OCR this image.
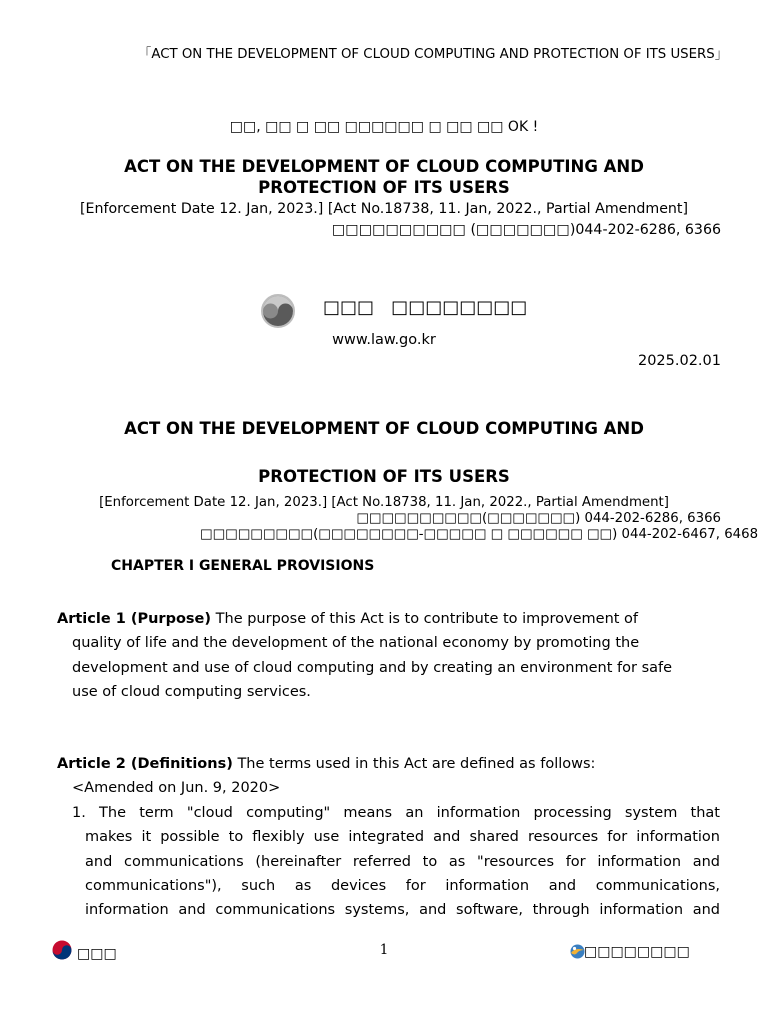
「ACT ON THE DEVELOPMENT OF CLOUD COMPUTING AND PROTECTION OF ITS USERS」
□□, □□ □ □□ □□□□□□ □ □□ □□ OK !
ACT ON THE DEVELOPMENT OF CLOUD COMPUTING AND
PROTECTION OF ITS USERS
[Enforcement Date 12. Jan, 2023.] [Act No.18738, 11. Jan, 2022., Partial Amendment]
□□□□□□□□□□ (□□□□□□□)044-202-6286, 6366
□□□   □□□□□□□□
www.law.go.kr
2025.02.01
ACT ON THE DEVELOPMENT OF CLOUD COMPUTING AND
PROTECTION OF ITS USERS
[Enforcement Date 12. Jan, 2023.] [Act No.18738, 11. Jan, 2022., Partial Amendment]
□□□□□□□□□□(□□□□□□□) 044-202-6286, 6366
□□□□□□□□□(□□□□□□□□-□□□□□ □ □□□□□□ □□) 044-202-6467, 6468
CHAPTER I GENERAL PROVISIONS
Article 1 (Purpose) The purpose of this Act is to contribute to improvement of
quality of life and the development of the national economy by promoting the
development and use of cloud computing and by creating an environment for safe
use of cloud computing services.
Article 2 (Definitions) The terms used in this Act are defined as follows:
<Amended on Jun. 9, 2020>
1. The term "cloud computing" means an information processing system that
makes it possible to flexibly use integrated and shared resources for information
and communications (hereinafter referred to as "resources for information and
communications"), such as devices for information and communications,
information and communications systems, and software, through information and
□□□	1	□□□□□□□□
